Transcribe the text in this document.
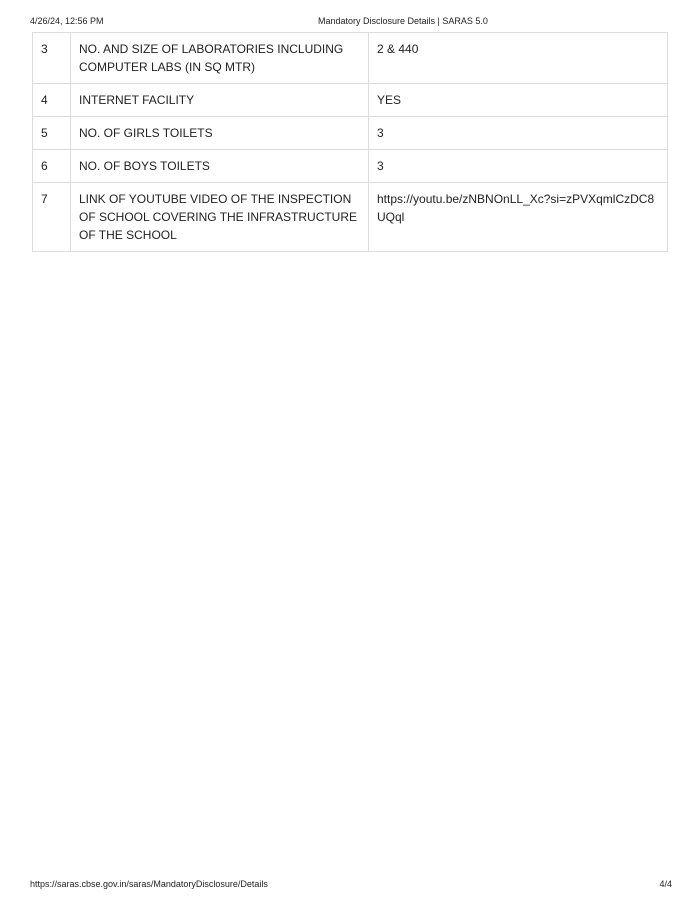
4/26/24, 12:56 PM	Mandatory Disclosure Details | SARAS 5.0
3	NO. AND SIZE OF LABORATORIES INCLUDING COMPUTER LABS (IN SQ MTR)	2 & 440
4	INTERNET FACILITY	YES
5	NO. OF GIRLS TOILETS	3
6	NO. OF BOYS TOILETS	3
7	LINK OF YOUTUBE VIDEO OF THE INSPECTION OF SCHOOL COVERING THE INFRASTRUCTURE OF THE SCHOOL	https://youtu.be/zNBNOnLL_Xc?si=zPVXqmlCzDC8UQql
https://saras.cbse.gov.in/saras/MandatoryDisclosure/Details	4/4
